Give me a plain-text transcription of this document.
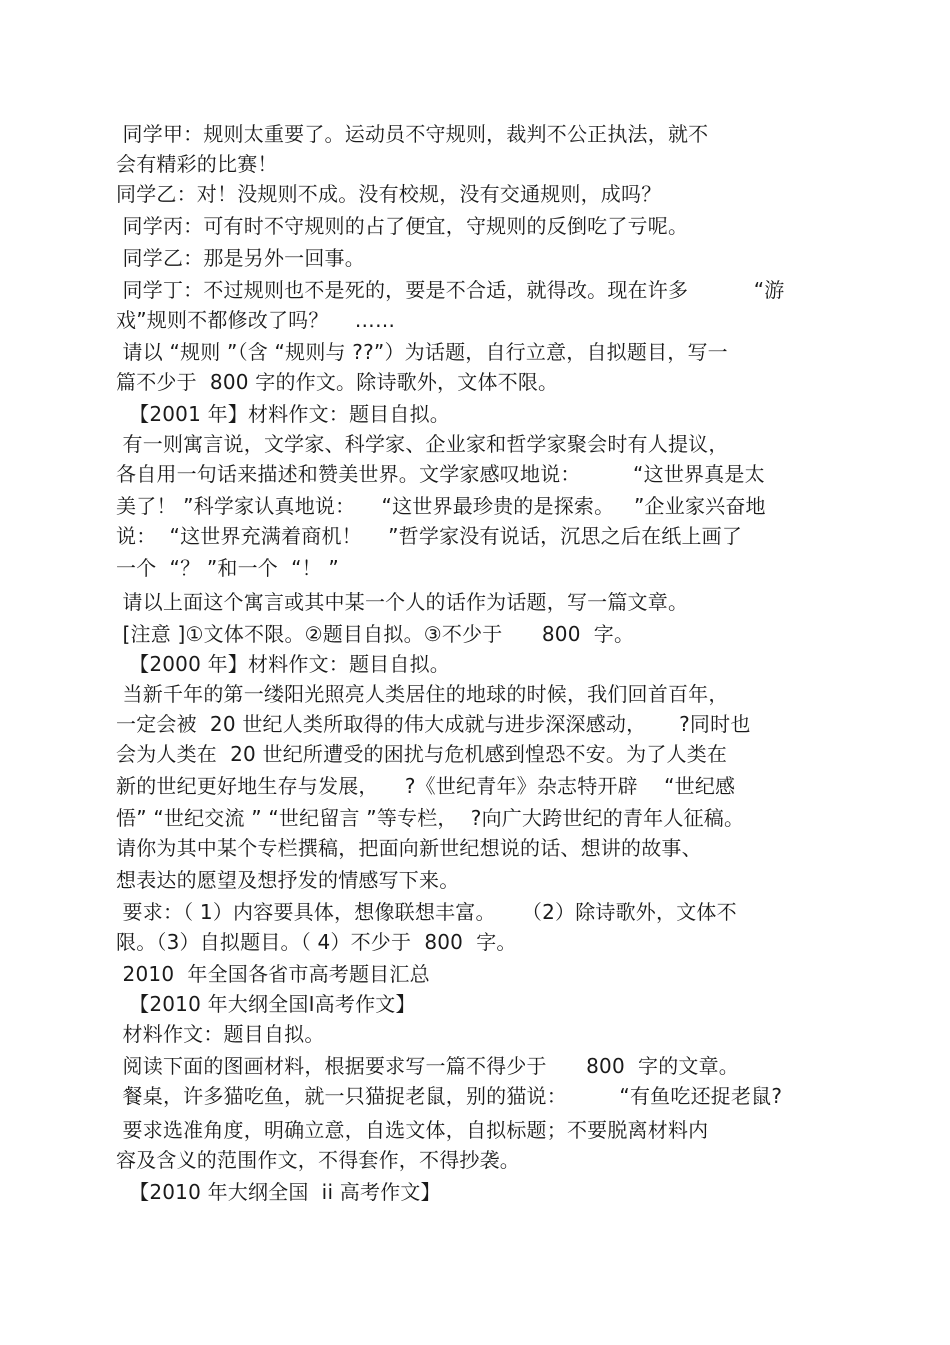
同学甲：规则太重要了。运动员不守规则，裁判不公正执法，就不
会有精彩的比赛！
同学乙：对！没规则不成。没有校规，没有交通规则，成吗？
同学丙：可有时不守规则的占了便宜，守规则的反倒吃了亏呢。
同学乙：那是另外一回事。
同学丁：不过规则也不是死的，要是不合适，就得改。现在许多          “游
戏”规则不都修改了吗？    ……
请以 “规则 ”（含 “规则与 ??”）为话题，自行立意，自拟题目，写一
篇不少于  800 字的作文。除诗歌外，文体不限。
【2001 年】材料作文：题目自拟。
有一则寓言说，文学家、科学家、企业家和哲学家聚会时有人提议，
各自用一句话来描述和赞美世界。文学家感叹地说：        “这世界真是太
美了！ ”科学家认真地说：    “这世界最珍贵的是探索。   ”企业家兴奋地
说：  “这世界充满着商机！    ”哲学家没有说话，沉思之后在纸上画了
一个  “？ ”和一个  “！ ”
请以上面这个寓言或其中某一个人的话作为话题，写一篇文章。
[注意 ]①文体不限。②题目自拟。③不少于      800  字。
【2000 年】材料作文：题目自拟。
当新千年的第一缕阳光照亮人类居住的地球的时候，我们回首百年，
一定会被  20 世纪人类所取得的伟大成就与进步深深感动，     ?同时也
会为人类在  20 世纪所遭受的困扰与危机感到惶恐不安。为了人类在
新的世纪更好地生存与发展，    ?《世纪青年》杂志特开辟    “世纪感
悟” “世纪交流 ” “世纪留言 ”等专栏，  ?向广大跨世纪的青年人征稿。
请你为其中某个专栏撰稿，把面向新世纪想说的话、想讲的故事、
想表达的愿望及想抒发的情感写下来。
要求：（ 1）内容要具体，想像联想丰富。    （2）除诗歌外，文体不
限。（3）自拟题目。（ 4）不少于  800  字。
2010  年全国各省市高考题目汇总
【2010 年大纲全国Ⅰ高考作文】
材料作文：题目自拟。
阅读下面的图画材料，根据要求写一篇不得少于      800  字的文章。
餐桌，许多猫吃鱼，就一只猫捉老鼠，别的猫说：        “有鱼吃还捉老鼠?
要求选准角度，明确立意，自选文体，自拟标题；不要脱离材料内
容及含义的范围作文，不得套作，不得抄袭。
【2010 年大纲全国  ii 高考作文】
